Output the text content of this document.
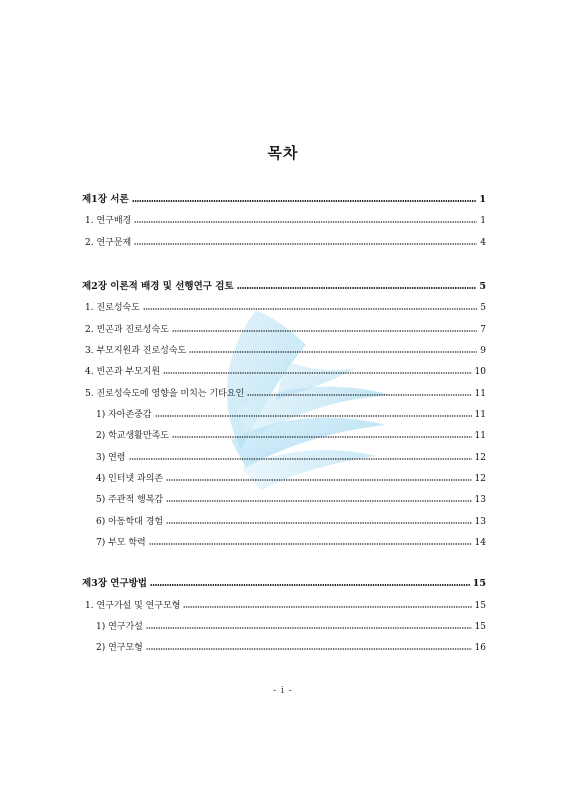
목차
제1장 서론	1
1. 연구배경	1
2. 연구문제	4
제2장 이론적 배경 및 선행연구 검토	5
1. 진로성숙도	5
2. 빈곤과 진로성숙도	7
3. 부모지원과 진로성숙도	9
4. 빈곤과 부모지원	10
5. 진로성숙도에 영향을 미치는 기타요인	11
1) 자아존중감	11
2) 학교생활만족도	11
3) 연령	12
4) 인터넷 과의존	12
5) 주관적 행복감	13
6) 아동학대 경험	13
7) 부모 학력	14
제3장 연구방법	15
1. 연구가설 및 연구모형	15
1) 연구가설	15
2) 연구모형	16
- i -
